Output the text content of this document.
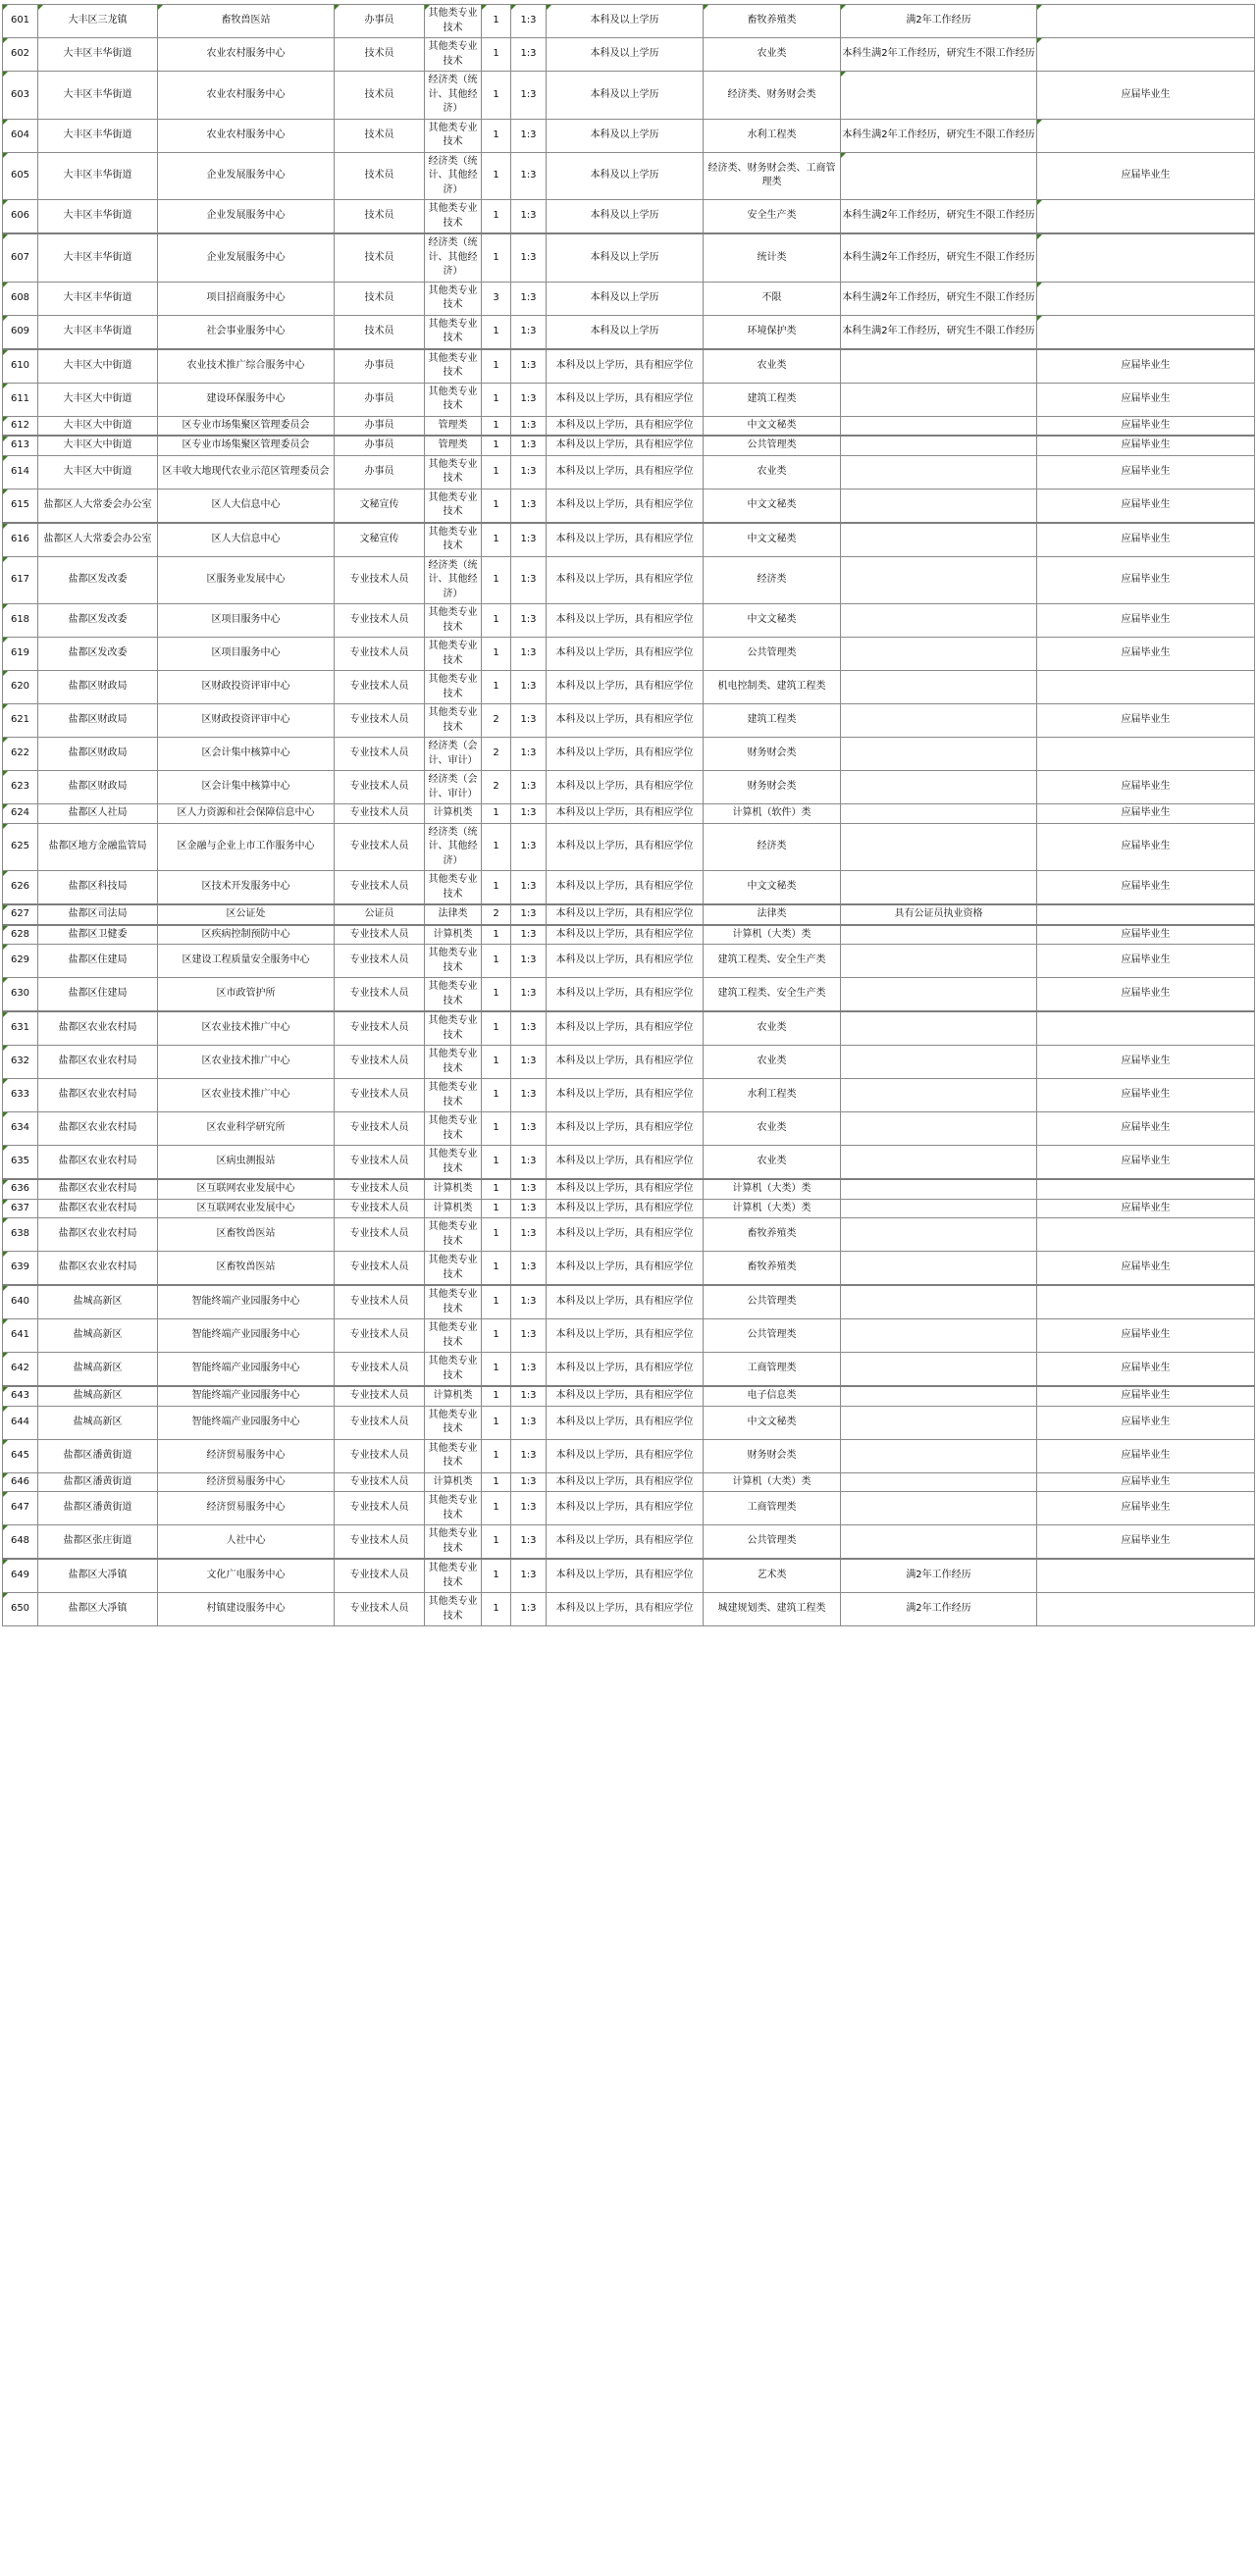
601	大丰区三龙镇	畜牧兽医站	办事员	其他类专业技术	1	1:3	本科及以上学历	畜牧养殖类	满2年工作经历	
602	大丰区丰华街道	农业农村服务中心	技术员	其他类专业技术	1	1:3	本科及以上学历	农业类	本科生满2年工作经历，研究生不限工作经历	
603	大丰区丰华街道	农业农村服务中心	技术员	经济类（统计、其他经济）	1	1:3	本科及以上学历	经济类、财务财会类		应届毕业生
604	大丰区丰华街道	农业农村服务中心	技术员	其他类专业技术	1	1:3	本科及以上学历	水利工程类	本科生满2年工作经历，研究生不限工作经历	
605	大丰区丰华街道	企业发展服务中心	技术员	经济类（统计、其他经济）	1	1:3	本科及以上学历	经济类、财务财会类、工商管理类		应届毕业生
606	大丰区丰华街道	企业发展服务中心	技术员	其他类专业技术	1	1:3	本科及以上学历	安全生产类	本科生满2年工作经历，研究生不限工作经历	
607	大丰区丰华街道	企业发展服务中心	技术员	经济类（统计、其他经济）	1	1:3	本科及以上学历	统计类	本科生满2年工作经历，研究生不限工作经历	
608	大丰区丰华街道	项目招商服务中心	技术员	其他类专业技术	3	1:3	本科及以上学历	不限	本科生满2年工作经历，研究生不限工作经历	
609	大丰区丰华街道	社会事业服务中心	技术员	其他类专业技术	1	1:3	本科及以上学历	环境保护类	本科生满2年工作经历，研究生不限工作经历	
610	大丰区大中街道	农业技术推广综合服务中心	办事员	其他类专业技术	1	1:3	本科及以上学历，具有相应学位	农业类		应届毕业生
611	大丰区大中街道	建设环保服务中心	办事员	其他类专业技术	1	1:3	本科及以上学历，具有相应学位	建筑工程类		应届毕业生
612	大丰区大中街道	区专业市场集聚区管理委员会	办事员	管理类	1	1:3	本科及以上学历，具有相应学位	中文文秘类		应届毕业生
613	大丰区大中街道	区专业市场集聚区管理委员会	办事员	管理类	1	1:3	本科及以上学历，具有相应学位	公共管理类		应届毕业生
614	大丰区大中街道	区丰收大地现代农业示范区管理委员会	办事员	其他类专业技术	1	1:3	本科及以上学历，具有相应学位	农业类		应届毕业生
615	盐都区人大常委会办公室	区人大信息中心	文秘宣传	其他类专业技术	1	1:3	本科及以上学历，具有相应学位	中文文秘类		应届毕业生
616	盐都区人大常委会办公室	区人大信息中心	文秘宣传	其他类专业技术	1	1:3	本科及以上学历，具有相应学位	中文文秘类		应届毕业生
617	盐都区发改委	区服务业发展中心	专业技术人员	经济类（统计、其他经济）	1	1:3	本科及以上学历，具有相应学位	经济类		应届毕业生
618	盐都区发改委	区项目服务中心	专业技术人员	其他类专业技术	1	1:3	本科及以上学历，具有相应学位	中文文秘类		应届毕业生
619	盐都区发改委	区项目服务中心	专业技术人员	其他类专业技术	1	1:3	本科及以上学历，具有相应学位	公共管理类		应届毕业生
620	盐都区财政局	区财政投资评审中心	专业技术人员	其他类专业技术	1	1:3	本科及以上学历，具有相应学位	机电控制类、建筑工程类		
621	盐都区财政局	区财政投资评审中心	专业技术人员	其他类专业技术	2	1:3	本科及以上学历，具有相应学位	建筑工程类		应届毕业生
622	盐都区财政局	区会计集中核算中心	专业技术人员	经济类（会计、审计）	2	1:3	本科及以上学历，具有相应学位	财务财会类		
623	盐都区财政局	区会计集中核算中心	专业技术人员	经济类（会计、审计）	2	1:3	本科及以上学历，具有相应学位	财务财会类		应届毕业生
624	盐都区人社局	区人力资源和社会保障信息中心	专业技术人员	计算机类	1	1:3	本科及以上学历，具有相应学位	计算机（软件）类		应届毕业生
625	盐都区地方金融监管局	区金融与企业上市工作服务中心	专业技术人员	经济类（统计、其他经济）	1	1:3	本科及以上学历，具有相应学位	经济类		应届毕业生
626	盐都区科技局	区技术开发服务中心	专业技术人员	其他类专业技术	1	1:3	本科及以上学历，具有相应学位	中文文秘类		应届毕业生
627	盐都区司法局	区公证处	公证员	法律类	2	1:3	本科及以上学历，具有相应学位	法律类	具有公证员执业资格	
628	盐都区卫健委	区疾病控制预防中心	专业技术人员	计算机类	1	1:3	本科及以上学历，具有相应学位	计算机（大类）类		应届毕业生
629	盐都区住建局	区建设工程质量安全服务中心	专业技术人员	其他类专业技术	1	1:3	本科及以上学历，具有相应学位	建筑工程类、安全生产类		应届毕业生
630	盐都区住建局	区市政管护所	专业技术人员	其他类专业技术	1	1:3	本科及以上学历，具有相应学位	建筑工程类、安全生产类		应届毕业生
631	盐都区农业农村局	区农业技术推广中心	专业技术人员	其他类专业技术	1	1:3	本科及以上学历，具有相应学位	农业类		
632	盐都区农业农村局	区农业技术推广中心	专业技术人员	其他类专业技术	1	1:3	本科及以上学历，具有相应学位	农业类		应届毕业生
633	盐都区农业农村局	区农业技术推广中心	专业技术人员	其他类专业技术	1	1:3	本科及以上学历，具有相应学位	水利工程类		应届毕业生
634	盐都区农业农村局	区农业科学研究所	专业技术人员	其他类专业技术	1	1:3	本科及以上学历，具有相应学位	农业类		应届毕业生
635	盐都区农业农村局	区病虫测报站	专业技术人员	其他类专业技术	1	1:3	本科及以上学历，具有相应学位	农业类		应届毕业生
636	盐都区农业农村局	区互联网农业发展中心	专业技术人员	计算机类	1	1:3	本科及以上学历，具有相应学位	计算机（大类）类		
637	盐都区农业农村局	区互联网农业发展中心	专业技术人员	计算机类	1	1:3	本科及以上学历，具有相应学位	计算机（大类）类		应届毕业生
638	盐都区农业农村局	区畜牧兽医站	专业技术人员	其他类专业技术	1	1:3	本科及以上学历，具有相应学位	畜牧养殖类		
639	盐都区农业农村局	区畜牧兽医站	专业技术人员	其他类专业技术	1	1:3	本科及以上学历，具有相应学位	畜牧养殖类		应届毕业生
640	盐城高新区	智能终端产业园服务中心	专业技术人员	其他类专业技术	1	1:3	本科及以上学历，具有相应学位	公共管理类		
641	盐城高新区	智能终端产业园服务中心	专业技术人员	其他类专业技术	1	1:3	本科及以上学历，具有相应学位	公共管理类		应届毕业生
642	盐城高新区	智能终端产业园服务中心	专业技术人员	其他类专业技术	1	1:3	本科及以上学历，具有相应学位	工商管理类		应届毕业生
643	盐城高新区	智能终端产业园服务中心	专业技术人员	计算机类	1	1:3	本科及以上学历，具有相应学位	电子信息类		应届毕业生
644	盐城高新区	智能终端产业园服务中心	专业技术人员	其他类专业技术	1	1:3	本科及以上学历，具有相应学位	中文文秘类		应届毕业生
645	盐都区潘黄街道	经济贸易服务中心	专业技术人员	其他类专业技术	1	1:3	本科及以上学历，具有相应学位	财务财会类		应届毕业生
646	盐都区潘黄街道	经济贸易服务中心	专业技术人员	计算机类	1	1:3	本科及以上学历，具有相应学位	计算机（大类）类		应届毕业生
647	盐都区潘黄街道	经济贸易服务中心	专业技术人员	其他类专业技术	1	1:3	本科及以上学历，具有相应学位	工商管理类		应届毕业生
648	盐都区张庄街道	人社中心	专业技术人员	其他类专业技术	1	1:3	本科及以上学历，具有相应学位	公共管理类		应届毕业生
649	盐都区大凈镇	文化广电服务中心	专业技术人员	其他类专业技术	1	1:3	本科及以上学历，具有相应学位	艺术类	满2年工作经历	
650	盐都区大凈镇	村镇建设服务中心	专业技术人员	其他类专业技术	1	1:3	本科及以上学历，具有相应学位	城建规划类、建筑工程类	满2年工作经历	
